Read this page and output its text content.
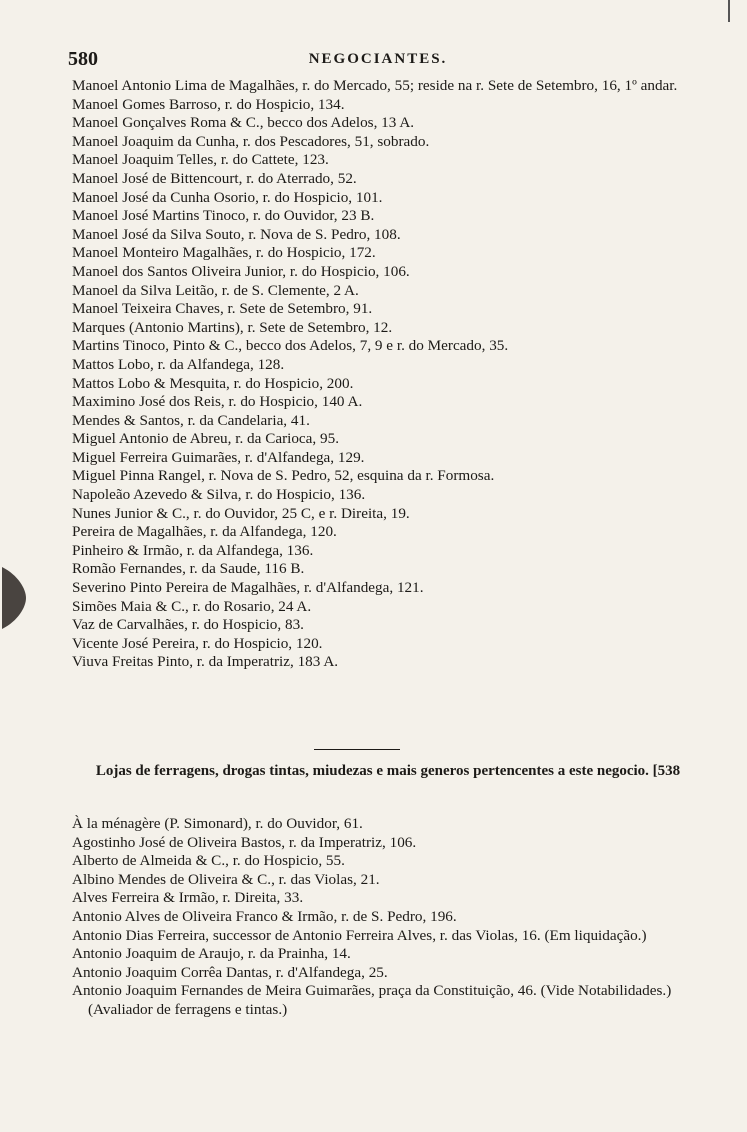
580	NEGOCIANTES.
Manoel Antonio Lima de Magalhães, r. do Mercado, 55; reside na r. Sete de Setembro, 16, 1º andar.
Manoel Gomes Barroso, r. do Hospicio, 134.
Manoel Gonçalves Roma & C., becco dos Adelos, 13 A.
Manoel Joaquim da Cunha, r. dos Pescadores, 51, sobrado.
Manoel Joaquim Telles, r. do Cattete, 123.
Manoel José de Bittencourt, r. do Aterrado, 52.
Manoel José da Cunha Osorio, r. do Hospicio, 101.
Manoel José Martins Tinoco, r. do Ouvidor, 23 B.
Manoel José da Silva Souto, r. Nova de S. Pedro, 108.
Manoel Monteiro Magalhães, r. do Hospicio, 172.
Manoel dos Santos Oliveira Junior, r. do Hospicio, 106.
Manoel da Silva Leitão, r. de S. Clemente, 2 A.
Manoel Teixeira Chaves, r. Sete de Setembro, 91.
Marques (Antonio Martins), r. Sete de Setembro, 12.
Martins Tinoco, Pinto & C., becco dos Adelos, 7, 9 e r. do Mercado, 35.
Mattos Lobo, r. da Alfandega, 128.
Mattos Lobo & Mesquita, r. do Hospicio, 200.
Maximino José dos Reis, r. do Hospicio, 140 A.
Mendes & Santos, r. da Candelaria, 41.
Miguel Antonio de Abreu, r. da Carioca, 95.
Miguel Ferreira Guimarães, r. d'Alfandega, 129.
Miguel Pinna Rangel, r. Nova de S. Pedro, 52, esquina da r. Formosa.
Napoleão Azevedo & Silva, r. do Hospicio, 136.
Nunes Junior & C., r. do Ouvidor, 25 C, e r. Direita, 19.
Pereira de Magalhães, r. da Alfandega, 120.
Pinheiro & Irmão, r. da Alfandega, 136.
Romão Fernandes, r. da Saude, 116 B.
Severino Pinto Pereira de Magalhães, r. d'Alfandega, 121.
Simões Maia & C., r. do Rosario, 24 A.
Vaz de Carvalhães, r. do Hospicio, 83.
Vicente José Pereira, r. do Hospicio, 120.
Viuva Freitas Pinto, r. da Imperatriz, 183 A.
Lojas de ferragens, drogas tintas, miudezas e mais generos pertencentes a este negocio. [538
À la ménagère (P. Simonard), r. do Ouvidor, 61.
Agostinho José de Oliveira Bastos, r. da Imperatriz, 106.
Alberto de Almeida & C., r. do Hospicio, 55.
Albino Mendes de Oliveira & C., r. das Violas, 21.
Alves Ferreira & Irmão, r. Direita, 33.
Antonio Alves de Oliveira Franco & Irmão, r. de S. Pedro, 196.
Antonio Dias Ferreira, successor de Antonio Ferreira Alves, r. das Violas, 16. (Em liquidação.)
Antonio Joaquim de Araujo, r. da Prainha, 14.
Antonio Joaquim Corrêa Dantas, r. d'Alfandega, 25.
Antonio Joaquim Fernandes de Meira Guimarães, praça da Constituição, 46. (Vide Notabilidades.) (Avaliador de ferragens e tintas.)
